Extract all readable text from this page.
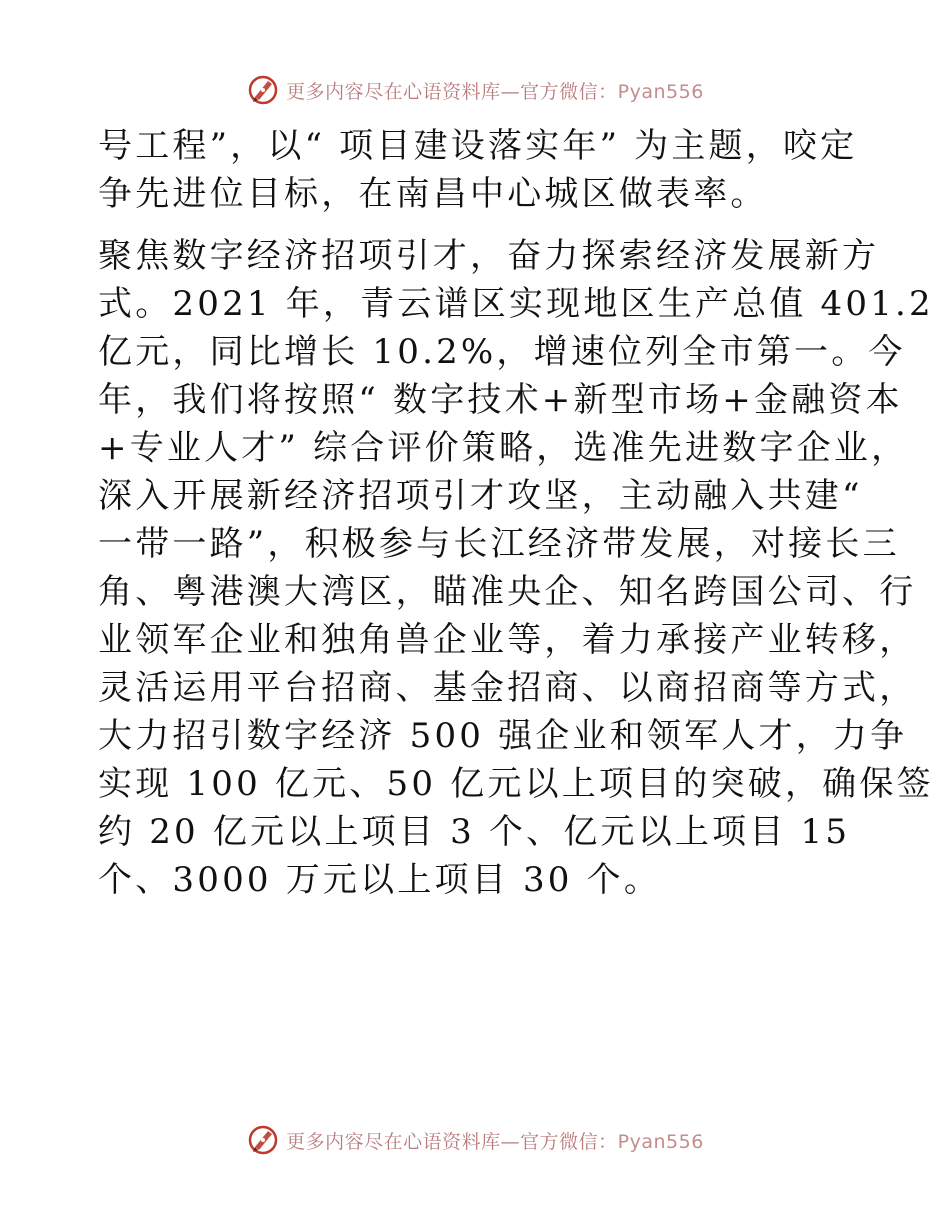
更多内容尽在心语资料库—官方微信：Pyan556

号工程”，以“ 项目建设落实年” 为主题，咬定
争先进位目标，在南昌中心城区做表率。

聚焦数字经济招项引才，奋力探索经济发展新方
式。2021 年，青云谱区实现地区生产总值 401.2
亿元，同比增长 10.2%，增速位列全市第一。今
年，我们将按照“ 数字技术+新型市场+金融资本
+专业人才” 综合评价策略，选准先进数字企业，
深入开展新经济招项引才攻坚，主动融入共建“
一带一路”，积极参与长江经济带发展，对接长三
角、粤港澳大湾区，瞄准央企、知名跨国公司、行
业领军企业和独角兽企业等，着力承接产业转移，
灵活运用平台招商、基金招商、以商招商等方式，
大力招引数字经济 500 强企业和领军人才，力争
实现 100 亿元、50 亿元以上项目的突破，确保签
约 20 亿元以上项目 3 个、亿元以上项目 15
个、3000 万元以上项目 30 个。

更多内容尽在心语资料库—官方微信：Pyan556
